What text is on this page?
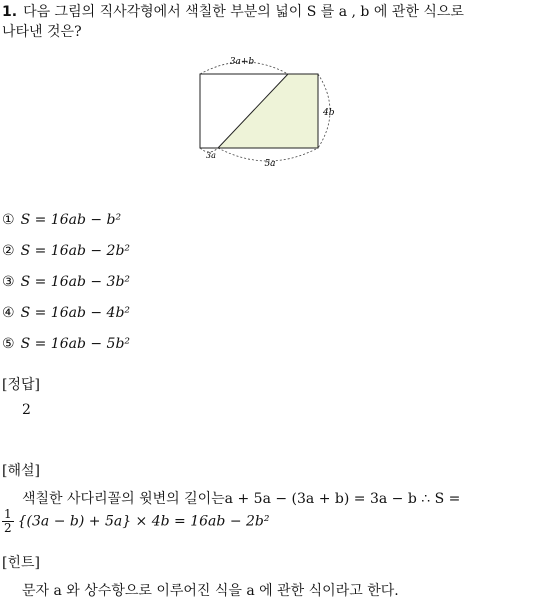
1. 다음 그림의 직사각형에서 색칠한 부분의 넓이 S 를 a , b 에 관한 식으로
나타낸 것은?
3a+b
4b
3a
5a
① S = 16ab − b²
② S = 16ab − 2b²
③ S = 16ab − 3b²
④ S = 16ab − 4b²
⑤ S = 16ab − 5b²
[정답]
2
[해설]
색칠한 사다리꼴의 윗변의 길이는a + 5a − (3a + b) = 3a − b ∴ S =
$\frac{1}{2} \{(3a - b) + 5a\} \times 4b = 16ab - 2b^2$
[힌트]
문자 a 와 상수항으로 이루어진 식을 a 에 관한 식이라고 한다.
